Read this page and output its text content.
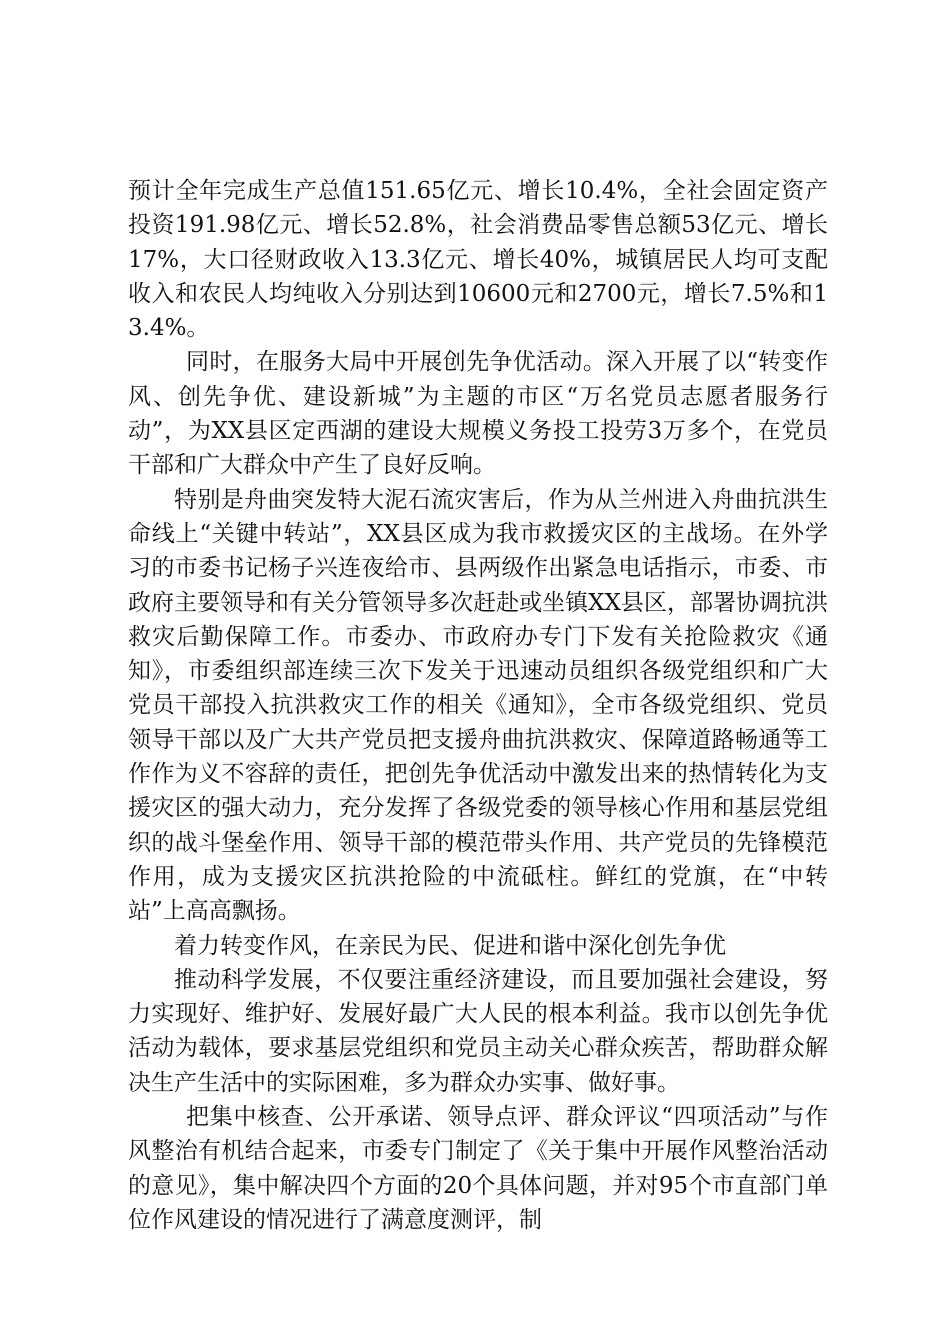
预计全年完成生产总值151.65亿元、增长10.4%，全社会固定资产投资191.98亿元、增长52.8%，社会消费品零售总额53亿元、增长17%，大口径财政收入13.3亿元、增长40%，城镇居民人均可支配收入和农民人均纯收入分别达到10600元和2700元，增长7.5%和13.4%。

同时，在服务大局中开展创先争优活动。深入开展了以“转变作风、创先争优、建设新城”为主题的市区“万名党员志愿者服务行动”，为XX县区定西湖的建设大规模义务投工投劳3万多个，在党员干部和广大群众中产生了良好反响。

特别是舟曲突发特大泥石流灾害后，作为从兰州进入舟曲抗洪生命线上“关键中转站”，XX县区成为我市救援灾区的主战场。在外学习的市委书记杨子兴连夜给市、县两级作出紧急电话指示，市委、市政府主要领导和有关分管领导多次赶赴或坐镇XX县区，部署协调抗洪救灾后勤保障工作。市委办、市政府办专门下发有关抢险救灾《通知》，市委组织部连续三次下发关于迅速动员组织各级党组织和广大党员干部投入抗洪救灾工作的相关《通知》，全市各级党组织、党员领导干部以及广大共产党员把支援舟曲抗洪救灾、保障道路畅通等工作作为义不容辞的责任，把创先争优活动中激发出来的热情转化为支援灾区的强大动力，充分发挥了各级党委的领导核心作用和基层党组织的战斗堡垒作用、领导干部的模范带头作用、共产党员的先锋模范作用，成为支援灾区抗洪抢险的中流砥柱。鲜红的党旗，在“中转站”上高高飘扬。

着力转变作风，在亲民为民、促进和谐中深化创先争优

推动科学发展，不仅要注重经济建设，而且要加强社会建设，努力实现好、维护好、发展好最广大人民的根本利益。我市以创先争优活动为载体，要求基层党组织和党员主动关心群众疾苦，帮助群众解决生产生活中的实际困难，多为群众办实事、做好事。

把集中核查、公开承诺、领导点评、群众评议“四项活动”与作风整治有机结合起来，市委专门制定了《关于集中开展作风整治活动的意见》，集中解决四个方面的20个具体问题，并对95个市直部门单位作风建设的情况进行了满意度测评，制
